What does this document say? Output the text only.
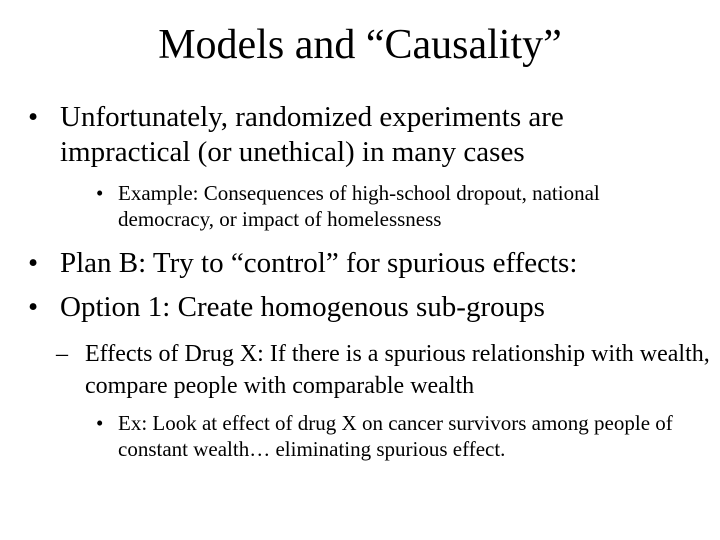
Models and “Causality”
• Unfortunately, randomized experiments are impractical (or unethical) in many cases
• Example: Consequences of high-school dropout, national democracy, or impact of homelessness
• Plan B: Try to “control” for spurious effects:
• Option 1: Create homogenous sub-groups
– Effects of Drug X: If there is a spurious relationship with wealth, compare people with comparable wealth
• Ex: Look at effect of drug X on cancer survivors among people of constant wealth… eliminating spurious effect.
